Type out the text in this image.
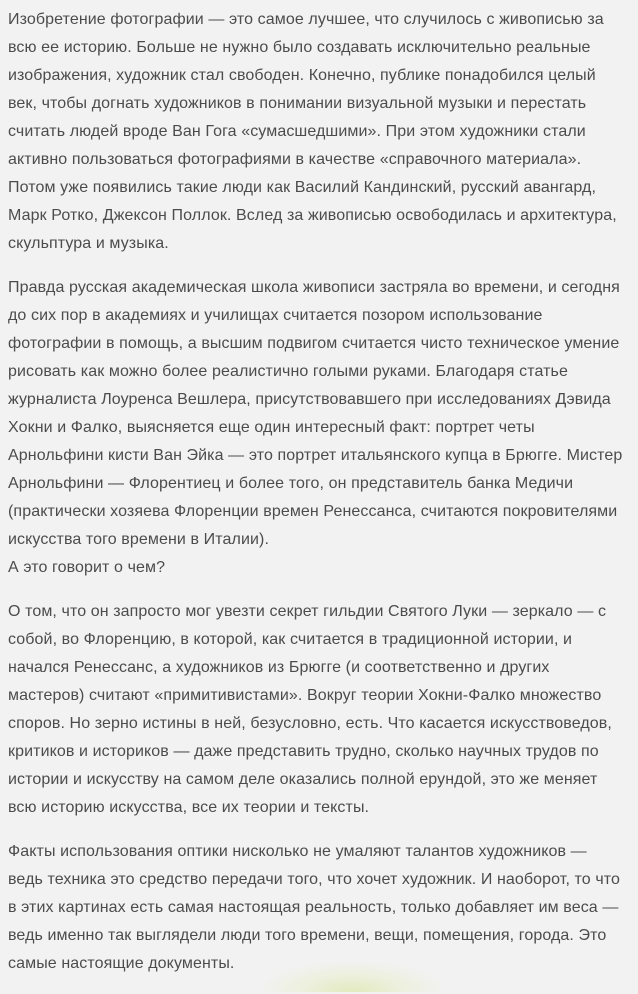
Изобретение фотографии — это самое лучшее, что случилось с живописью за
всю ее историю. Больше не нужно было создавать исключительно реальные
изображения, художник стал свободен. Конечно, публике понадобился целый
век, чтобы догнать художников в понимании визуальной музыки и перестать
считать людей вроде Ван Гога «сумасшедшими». При этом художники стали
активно пользоваться фотографиями в качестве «справочного материала».
Потом уже появились такие люди как Василий Кандинский, русский авангард,
Марк Ротко, Джексон Поллок. Вслед за живописью освободилась и архитектура,
скульптура и музыка.
Правда русская академическая школа живописи застряла во времени, и сегодня
до сих пор в академиях и училищах считается позором использование
фотографии в помощь, а высшим подвигом считается чисто техническое умение
рисовать как можно более реалистично голыми руками. Благодаря статье
журналиста Лоуренса Вешлера, присутствовавшего при исследованиях Дэвида
Хокни и Фалко, выясняется еще один интересный факт: портрет четы
Арнольфини кисти Ван Эйка — это портрет итальянского купца в Брюгге. Мистер
Арнольфини — Флорентиец и более того, он представитель банка Медичи
(практически хозяева Флоренции времен Ренессанса, считаются покровителями
искусства того времени в Италии).
А это говорит о чем?
О том, что он запросто мог увезти секрет гильдии Святого Луки — зеркало — с
собой, во Флоренцию, в которой, как считается в традиционной истории, и
начался Ренессанс, а художников из Брюгге (и соответственно и других
мастеров) считают «примитивистами». Вокруг теории Хокни-Фалко множество
споров. Но зерно истины в ней, безусловно, есть. Что касается искусствоведов,
критиков и историков — даже представить трудно, сколько научных трудов по
истории и искусству на самом деле оказались полной ерундой, это же меняет
всю историю искусства, все их теории и тексты.
Факты использования оптики нисколько не умаляют талантов художников —
ведь техника это средство передачи того, что хочет художник. И наоборот, то что
в этих картинах есть самая настоящая реальность, только добавляет им веса —
ведь именно так выглядели люди того времени, вещи, помещения, города. Это
самые настоящие документы.
